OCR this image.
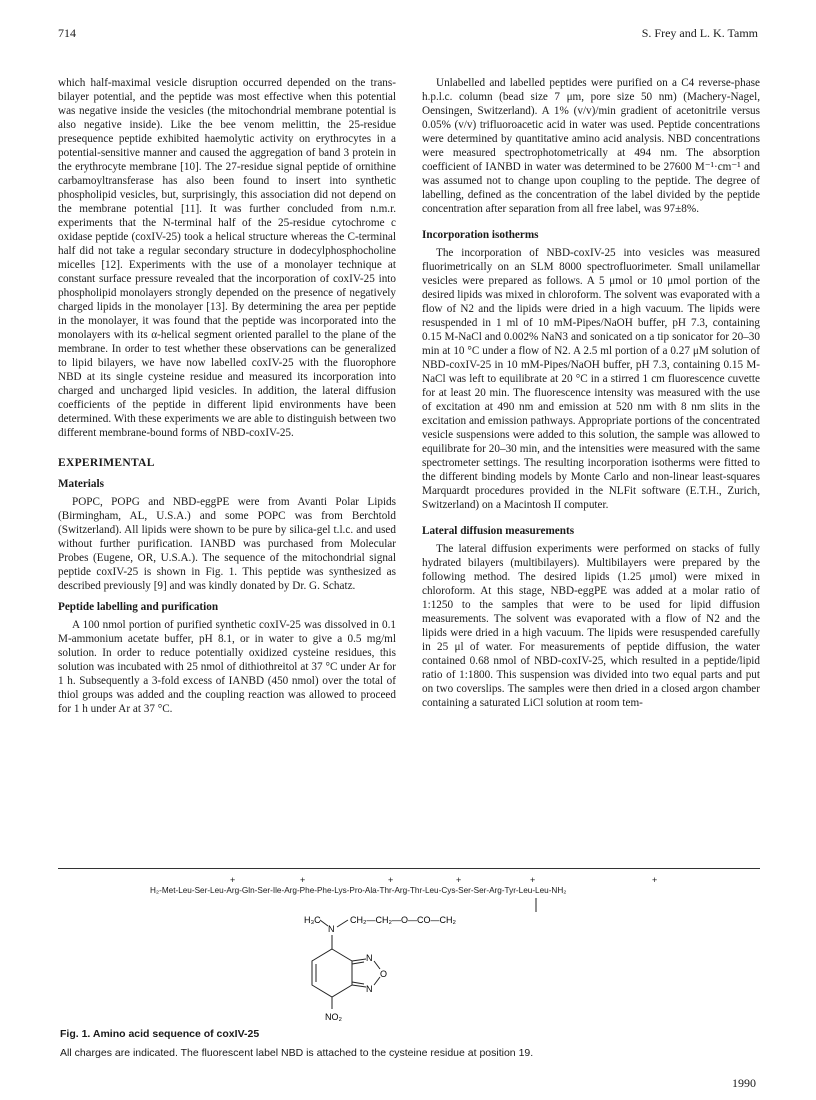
714	S. Frey and L. K. Tamm

which half-maximal vesicle disruption occurred depended on the trans-bilayer potential, and the peptide was most effective when this potential was negative inside the vesicles (the mitochondrial membrane potential is also negative inside). Like the bee venom melittin, the 25-residue presequence peptide exhibited haemolytic activity on erythrocytes in a potential-sensitive manner and caused the aggregation of band 3 protein in the erythrocyte membrane [10]. The 27-residue signal peptide of ornithine carbamoyltransferase has also been found to insert into synthetic phospholipid vesicles, but, surprisingly, this association did not depend on the membrane potential [11]. It was further concluded from n.m.r. experiments that the N-terminal half of the 25-residue cytochrome c oxidase peptide (coxIV-25) took a helical structure whereas the C-terminal half did not take a regular secondary structure in dodecylphosphocholine micelles [12]. Experiments with the use of a monolayer technique at constant surface pressure revealed that the incorporation of coxIV-25 into phospholipid monolayers strongly depended on the presence of negatively charged lipids in the monolayer [13]. By determining the area per peptide in the monolayer, it was found that the peptide was incorporated into the monolayers with its α-helical segment oriented parallel to the plane of the membrane. In order to test whether these observations can be generalized to lipid bilayers, we have now labelled coxIV-25 with the fluorophore NBD at its single cysteine residue and measured its incorporation into charged and uncharged lipid vesicles. In addition, the lateral diffusion coefficients of the peptide in different lipid environments have been determined. With these experiments we are able to distinguish between two different membrane-bound forms of NBD-coxIV-25.

EXPERIMENTAL
Materials

POPC, POPG and NBD-eggPE were from Avanti Polar Lipids (Birmingham, AL, U.S.A.) and some POPC was from Berchtold (Switzerland). All lipids were shown to be pure by silica-gel t.l.c. and used without further purification. IANBD was purchased from Molecular Probes (Eugene, OR, U.S.A.). The sequence of the mitochondrial signal peptide coxIV-25 is shown in Fig. 1. This peptide was synthesized as described previously [9] and was kindly donated by Dr. G. Schatz.

Peptide labelling and purification

A 100 nmol portion of purified synthetic coxIV-25 was dissolved in 0.1 M-ammonium acetate buffer, pH 8.1, or in water to give a 0.5 mg/ml solution. In order to reduce potentially oxidized cysteine residues, this solution was incubated with 25 nmol of dithiothreitol at 37 °C under Ar for 1 h. Subsequently a 3-fold excess of IANBD (450 nmol) over the total of thiol groups was added and the coupling reaction was allowed to proceed for 1 h under Ar at 37 °C.

Unlabelled and labelled peptides were purified on a C4 reverse-phase h.p.l.c. column (bead size 7 μm, pore size 50 nm) (Machery-Nagel, Oensingen, Switzerland). A 1% (v/v)/min gradient of acetonitrile versus 0.05% (v/v) trifluoroacetic acid in water was used. Peptide concentrations were determined by quantitative amino acid analysis. NBD concentrations were measured spectrophotometrically at 494 nm. The absorption coefficient of IANBD in water was determined to be 27600 M⁻¹·cm⁻¹ and was assumed not to change upon coupling to the peptide. The degree of labelling, defined as the concentration of the label divided by the peptide concentration after separation from all free label, was 97±8%.

Incorporation isotherms

The incorporation of NBD-coxIV-25 into vesicles was measured fluorimetrically on an SLM 8000 spectrofluorimeter. Small unilamellar vesicles were prepared as follows. A 5 μmol or 10 μmol portion of the desired lipids was mixed in chloroform. The solvent was evaporated with a flow of N2 and the lipids were dried in a high vacuum. The lipids were resuspended in 1 ml of 10 mM-Pipes/NaOH buffer, pH 7.3, containing 0.15 M-NaCl and 0.002% NaN3 and sonicated on a tip sonicator for 20–30 min at 10 °C under a flow of N2. A 2.5 ml portion of a 0.27 μM solution of NBD-coxIV-25 in 10 mM-Pipes/NaOH buffer, pH 7.3, containing 0.15 M-NaCl was left to equilibrate at 20 °C in a stirred 1 cm fluorescence cuvette for at least 20 min. The fluorescence intensity was measured with the use of excitation at 490 nm and emission at 520 nm with 8 nm slits in the excitation and emission pathways. Appropriate portions of the concentrated vesicle suspensions were added to this solution, the sample was allowed to equilibrate for 20–30 min, and the intensities were measured with the same spectrometer settings. The resulting incorporation isotherms were fitted to the different binding models by Monte Carlo and non-linear least-squares Marquardt procedures provided in the NLFit software (E.T.H., Zurich, Switzerland) on a Macintosh II computer.

Lateral diffusion measurements

The lateral diffusion experiments were performed on stacks of fully hydrated bilayers (multibilayers). Multibilayers were prepared by the following method. The desired lipids (1.25 μmol) were mixed in chloroform. At this stage, NBD-eggPE was added at a molar ratio of 1:1250 to the samples that were to be used for lipid diffusion measurements. The solvent was evaporated with a flow of N2 and the lipids were dried in a high vacuum. The lipids were resuspended carefully in 25 μl of water. For measurements of peptide diffusion, the water contained 0.68 nmol of NBD-coxIV-25, which resulted in a peptide/lipid ratio of 1:1800. This suspension was divided into two equal parts and put on two coverslips. The samples were then dried in a closed argon chamber containing a saturated LiCl solution at room tem-

+	+	+	+	+	+
H₂-Met-Leu-Ser-Leu-Arg-Gln-Ser-Ile-Arg-Phe-Phe-Lys-Pro-Ala-Thr-Arg-Thr-Leu-Cys-Ser-Ser-Arg-Tyr-Leu-Leu-NH₂
H₃C
N
CH₂—CH₂—O—CO—CH₂
N
N
O
NO₂
Fig. 1. Amino acid sequence of coxIV-25
All charges are indicated. The fluorescent label NBD is attached to the cysteine residue at position 19.
1990
